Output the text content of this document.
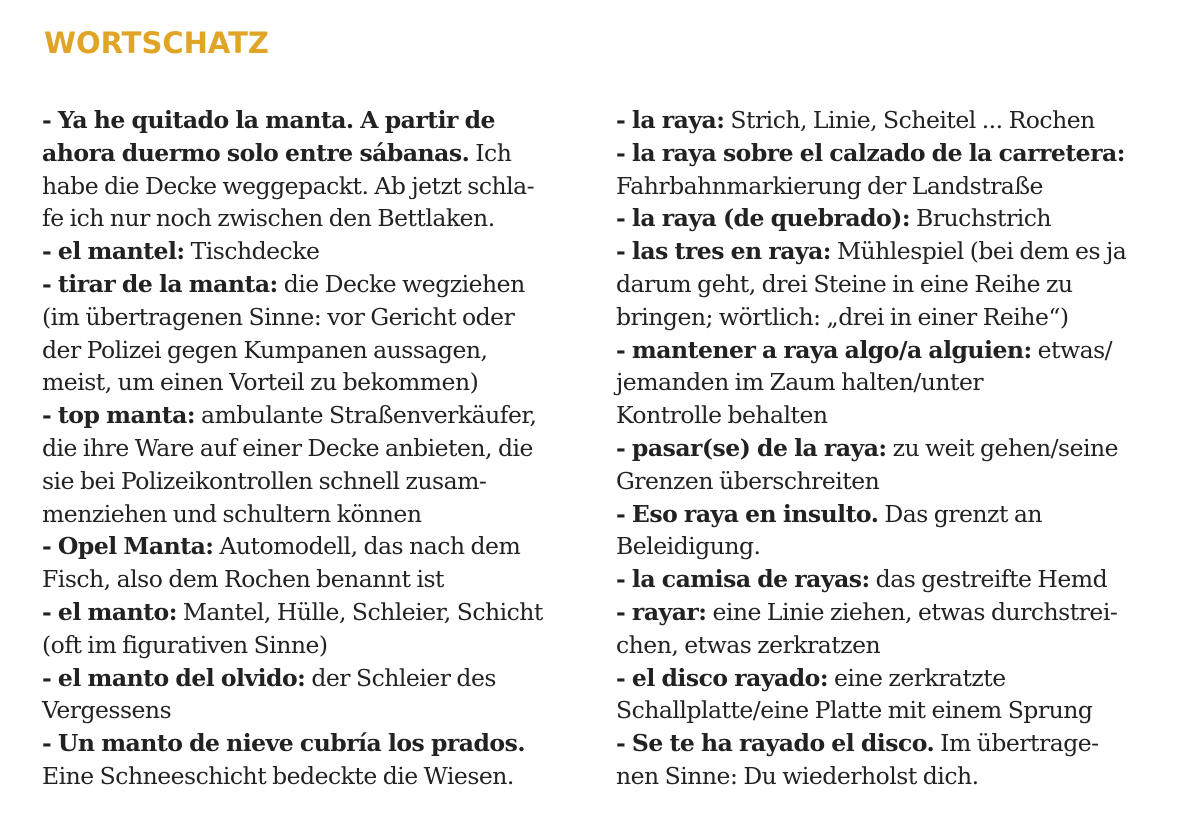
WORTSCHATZ
- Ya he quitado la manta. A partir de
ahora duermo solo entre sábanas. Ich
habe die Decke weggepackt. Ab jetzt schla-
fe ich nur noch zwischen den Bettlaken.
- el mantel: Tischdecke
- tirar de la manta: die Decke wegziehen
(im übertragenen Sinne: vor Gericht oder
der Polizei gegen Kumpanen aussagen,
meist, um einen Vorteil zu bekommen)
- top manta: ambulante Straßenverkäufer,
die ihre Ware auf einer Decke anbieten, die
sie bei Polizeikontrollen schnell zusam-
menziehen und schultern können
- Opel Manta: Automodell, das nach dem
Fisch, also dem Rochen benannt ist
- el manto: Mantel, Hülle, Schleier, Schicht
(oft im figurativen Sinne)
- el manto del olvido: der Schleier des
Vergessens
- Un manto de nieve cubría los prados.
Eine Schneeschicht bedeckte die Wiesen.
- la raya: Strich, Linie, Scheitel ... Rochen
- la raya sobre el calzado de la carretera:
Fahrbahnmarkierung der Landstraße
- la raya (de quebrado): Bruchstrich
- las tres en raya: Mühlespiel (bei dem es ja
darum geht, drei Steine in eine Reihe zu
bringen; wörtlich: „drei in einer Reihe“)
- mantener a raya algo/a alguien: etwas/
jemanden im Zaum halten/unter
Kontrolle behalten
- pasar(se) de la raya: zu weit gehen/seine
Grenzen überschreiten
- Eso raya en insulto. Das grenzt an
Beleidigung.
- la camisa de rayas: das gestreifte Hemd
- rayar: eine Linie ziehen, etwas durchstrei-
chen, etwas zerkratzen
- el disco rayado: eine zerkratzte
Schallplatte/eine Platte mit einem Sprung
- Se te ha rayado el disco. Im übertrage-
nen Sinne: Du wiederholst dich.
